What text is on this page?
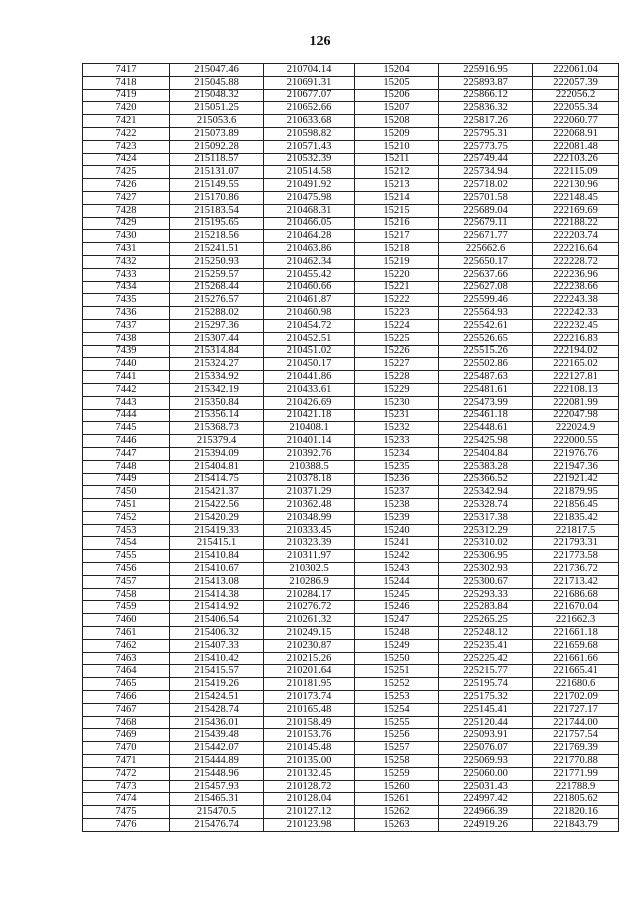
126
7417	215047.46	210704.14	15204	225916.95	222061.04
7418	215045.88	210691.31	15205	225893.87	222057.39
7419	215048.32	210677.07	15206	225866.12	222056.2
7420	215051.25	210652.66	15207	225836.32	222055.34
7421	215053.6	210633.68	15208	225817.26	222060.77
7422	215073.89	210598.82	15209	225795.31	222068.91
7423	215092.28	210571.43	15210	225773.75	222081.48
7424	215118.57	210532.39	15211	225749.44	222103.26
7425	215131.07	210514.58	15212	225734.94	222115.09
7426	215149.55	210491.92	15213	225718.02	222130.96
7427	215170.86	210475.98	15214	225701.58	222148.45
7428	215183.54	210468.31	15215	225689.04	222169.69
7429	215195.65	210466.05	15216	225679.11	222188.22
7430	215218.56	210464.28	15217	225671.77	222203.74
7431	215241.51	210463.86	15218	225662.6	222216.64
7432	215250.93	210462.34	15219	225650.17	222228.72
7433	215259.57	210455.42	15220	225637.66	222236.96
7434	215268.44	210460.66	15221	225627.08	222238.66
7435	215276.57	210461.87	15222	225599.46	222243.38
7436	215288.02	210460.98	15223	225564.93	222242.33
7437	215297.36	210454.72	15224	225542.61	222232.45
7438	215307.44	210452.51	15225	225526.65	222216.83
7439	215314.84	210451.02	15226	225515.26	222194.02
7440	215324.27	210450.17	15227	225502.86	222165.02
7441	215334.92	210441.86	15228	225487.63	222127.81
7442	215342.19	210433.61	15229	225481.61	222108.13
7443	215350.84	210426.69	15230	225473.99	222081.99
7444	215356.14	210421.18	15231	225461.18	222047.98
7445	215368.73	210408.1	15232	225448.61	222024.9
7446	215379.4	210401.14	15233	225425.98	222000.55
7447	215394.09	210392.76	15234	225404.84	221976.76
7448	215404.81	210388.5	15235	225383.28	221947.36
7449	215414.75	210378.18	15236	225366.52	221921.42
7450	215421.37	210371.29	15237	225342.94	221879.95
7451	215422.56	210362.48	15238	225328.74	221856.45
7452	215420.29	210348.99	15239	225317.38	221835.42
7453	215419.33	210333.45	15240	225312.29	221817.5
7454	215415.1	210323.39	15241	225310.02	221793.31
7455	215410.84	210311.97	15242	225306.95	221773.58
7456	215410.67	210302.5	15243	225302.93	221736.72
7457	215413.08	210286.9	15244	225300.67	221713.42
7458	215414.38	210284.17	15245	225293.33	221686.68
7459	215414.92	210276.72	15246	225283.84	221670.04
7460	215406.54	210261.32	15247	225265.25	221662.3
7461	215406.32	210249.15	15248	225248.12	221661.18
7462	215407.33	210230.87	15249	225235.41	221659.68
7463	215410.42	210215.26	15250	225225.42	221661.66
7464	215415.57	210201.64	15251	225215.77	221665.41
7465	215419.26	210181.95	15252	225195.74	221680.6
7466	215424.51	210173.74	15253	225175.32	221702.09
7467	215428.74	210165.48	15254	225145.41	221727.17
7468	215436.01	210158.49	15255	225120.44	221744.00
7469	215439.48	210153.76	15256	225093.91	221757.54
7470	215442.07	210145.48	15257	225076.07	221769.39
7471	215444.89	210135.00	15258	225069.93	221770.88
7472	215448.96	210132.45	15259	225060.00	221771.99
7473	215457.93	210128.72	15260	225031.43	221788.9
7474	215465.31	210128.04	15261	224997.42	221805.62
7475	215470.5	210127.12	15262	224966.39	221820.16
7476	215476.74	210123.98	15263	224919.26	221843.79
